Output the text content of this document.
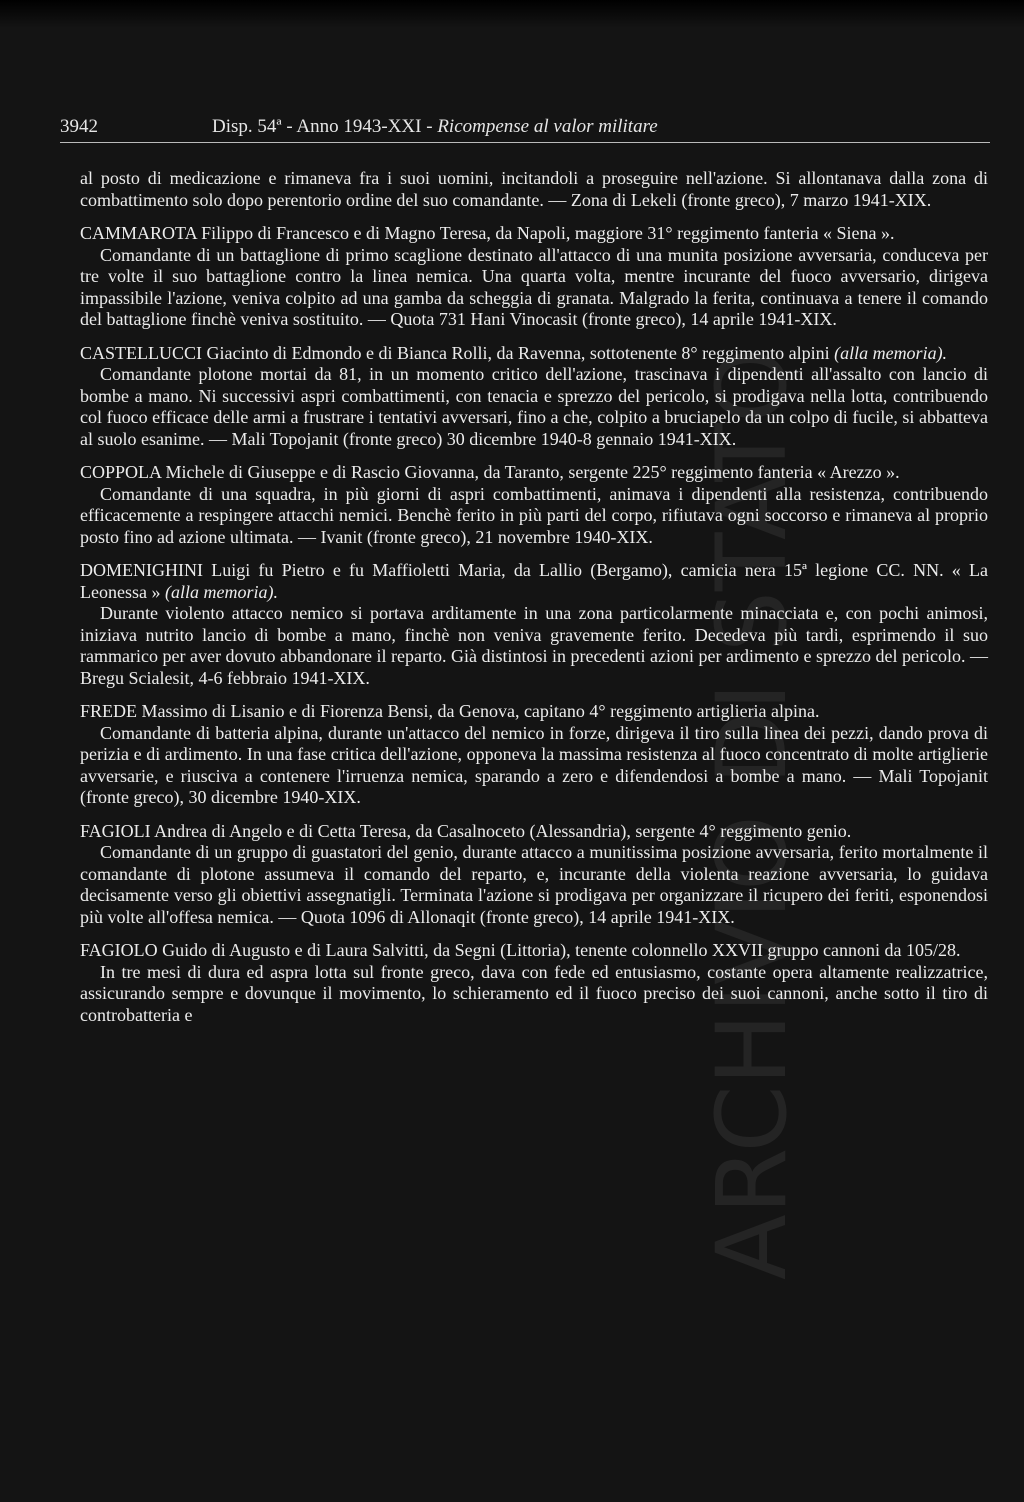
ARCHIVIO DI STATO
3942	Disp. 54ª - Anno 1943-XXI - Ricompense al valor militare

al posto di medicazione e rimaneva fra i suoi uomini, incitandoli a proseguire nell'azione. Si allontanava dalla zona di combattimento solo dopo perentorio ordine del suo comandante. — Zona di Lekeli (fronte greco), 7 marzo 1941-XIX.

CAMMAROTA Filippo di Francesco e di Magno Teresa, da Napoli, maggiore 31° reggimento fanteria « Siena ».

Comandante di un battaglione di primo scaglione destinato all'attacco di una munita posizione avversaria, conduceva per tre volte il suo battaglione contro la linea nemica. Una quarta volta, mentre incurante del fuoco avversario, dirigeva impassibile l'azione, veniva colpito ad una gamba da scheggia di granata. Malgrado la ferita, continuava a tenere il comando del battaglione finchè veniva sostituito. — Quota 731 Hani Vinocasit (fronte greco), 14 aprile 1941-XIX.

CASTELLUCCI Giacinto di Edmondo e di Bianca Rolli, da Ravenna, sottotenente 8° reggimento alpini (alla memoria).

Comandante plotone mortai da 81, in un momento critico dell'azione, trascinava i dipendenti all'assalto con lancio di bombe a mano. Ni successivi aspri combattimenti, con tenacia e sprezzo del pericolo, si prodigava nella lotta, contribuendo col fuoco efficace delle armi a frustrare i tentativi avversari, fino a che, colpito a bruciapelo da un colpo di fucile, si abbatteva al suolo esanime. — Mali Topojanit (fronte greco) 30 dicembre 1940-8 gennaio 1941-XIX.

COPPOLA Michele di Giuseppe e di Rascio Giovanna, da Taranto, sergente 225° reggimento fanteria « Arezzo ».

Comandante di una squadra, in più giorni di aspri combattimenti, animava i dipendenti alla resistenza, contribuendo efficacemente a respingere attacchi nemici. Benchè ferito in più parti del corpo, rifiutava ogni soccorso e rimaneva al proprio posto fino ad azione ultimata. — Ivanit (fronte greco), 21 novembre 1940-XIX.

DOMENIGHINI Luigi fu Pietro e fu Maffioletti Maria, da Lallio (Bergamo), camicia nera 15ª legione CC. NN. « La Leonessa » (alla memoria).

Durante violento attacco nemico si portava arditamente in una zona particolarmente minacciata e, con pochi animosi, iniziava nutrito lancio di bombe a mano, finchè non veniva gravemente ferito. Decedeva più tardi, esprimendo il suo rammarico per aver dovuto abbandonare il reparto. Già distintosi in precedenti azioni per ardimento e sprezzo del pericolo. — Bregu Scialesit, 4-6 febbraio 1941-XIX.

FREDE Massimo di Lisanio e di Fiorenza Bensi, da Genova, capitano 4° reggimento artiglieria alpina.

Comandante di batteria alpina, durante un'attacco del nemico in forze, dirigeva il tiro sulla linea dei pezzi, dando prova di perizia e di ardimento. In una fase critica dell'azione, opponeva la massima resistenza al fuoco concentrato di molte artiglierie avversarie, e riusciva a contenere l'irruenza nemica, sparando a zero e difendendosi a bombe a mano. — Mali Topojanit (fronte greco), 30 dicembre 1940-XIX.

FAGIOLI Andrea di Angelo e di Cetta Teresa, da Casalnoceto (Alessandria), sergente 4° reggimento genio.

Comandante di un gruppo di guastatori del genio, durante attacco a munitissima posizione avversaria, ferito mortalmente il comandante di plotone assumeva il comando del reparto, e, incurante della violenta reazione avversaria, lo guidava decisamente verso gli obiettivi assegnatigli. Terminata l'azione si prodigava per organizzare il ricupero dei feriti, esponendosi più volte all'offesa nemica. — Quota 1096 di Allonaqit (fronte greco), 14 aprile 1941-XIX.

FAGIOLO Guido di Augusto e di Laura Salvitti, da Segni (Littoria), tenente colonnello XXVII gruppo cannoni da 105/28.

In tre mesi di dura ed aspra lotta sul fronte greco, dava con fede ed entusiasmo, costante opera altamente realizzatrice, assicurando sempre e dovunque il movimento, lo schieramento ed il fuoco preciso dei suoi cannoni, anche sotto il tiro di controbatteria e
